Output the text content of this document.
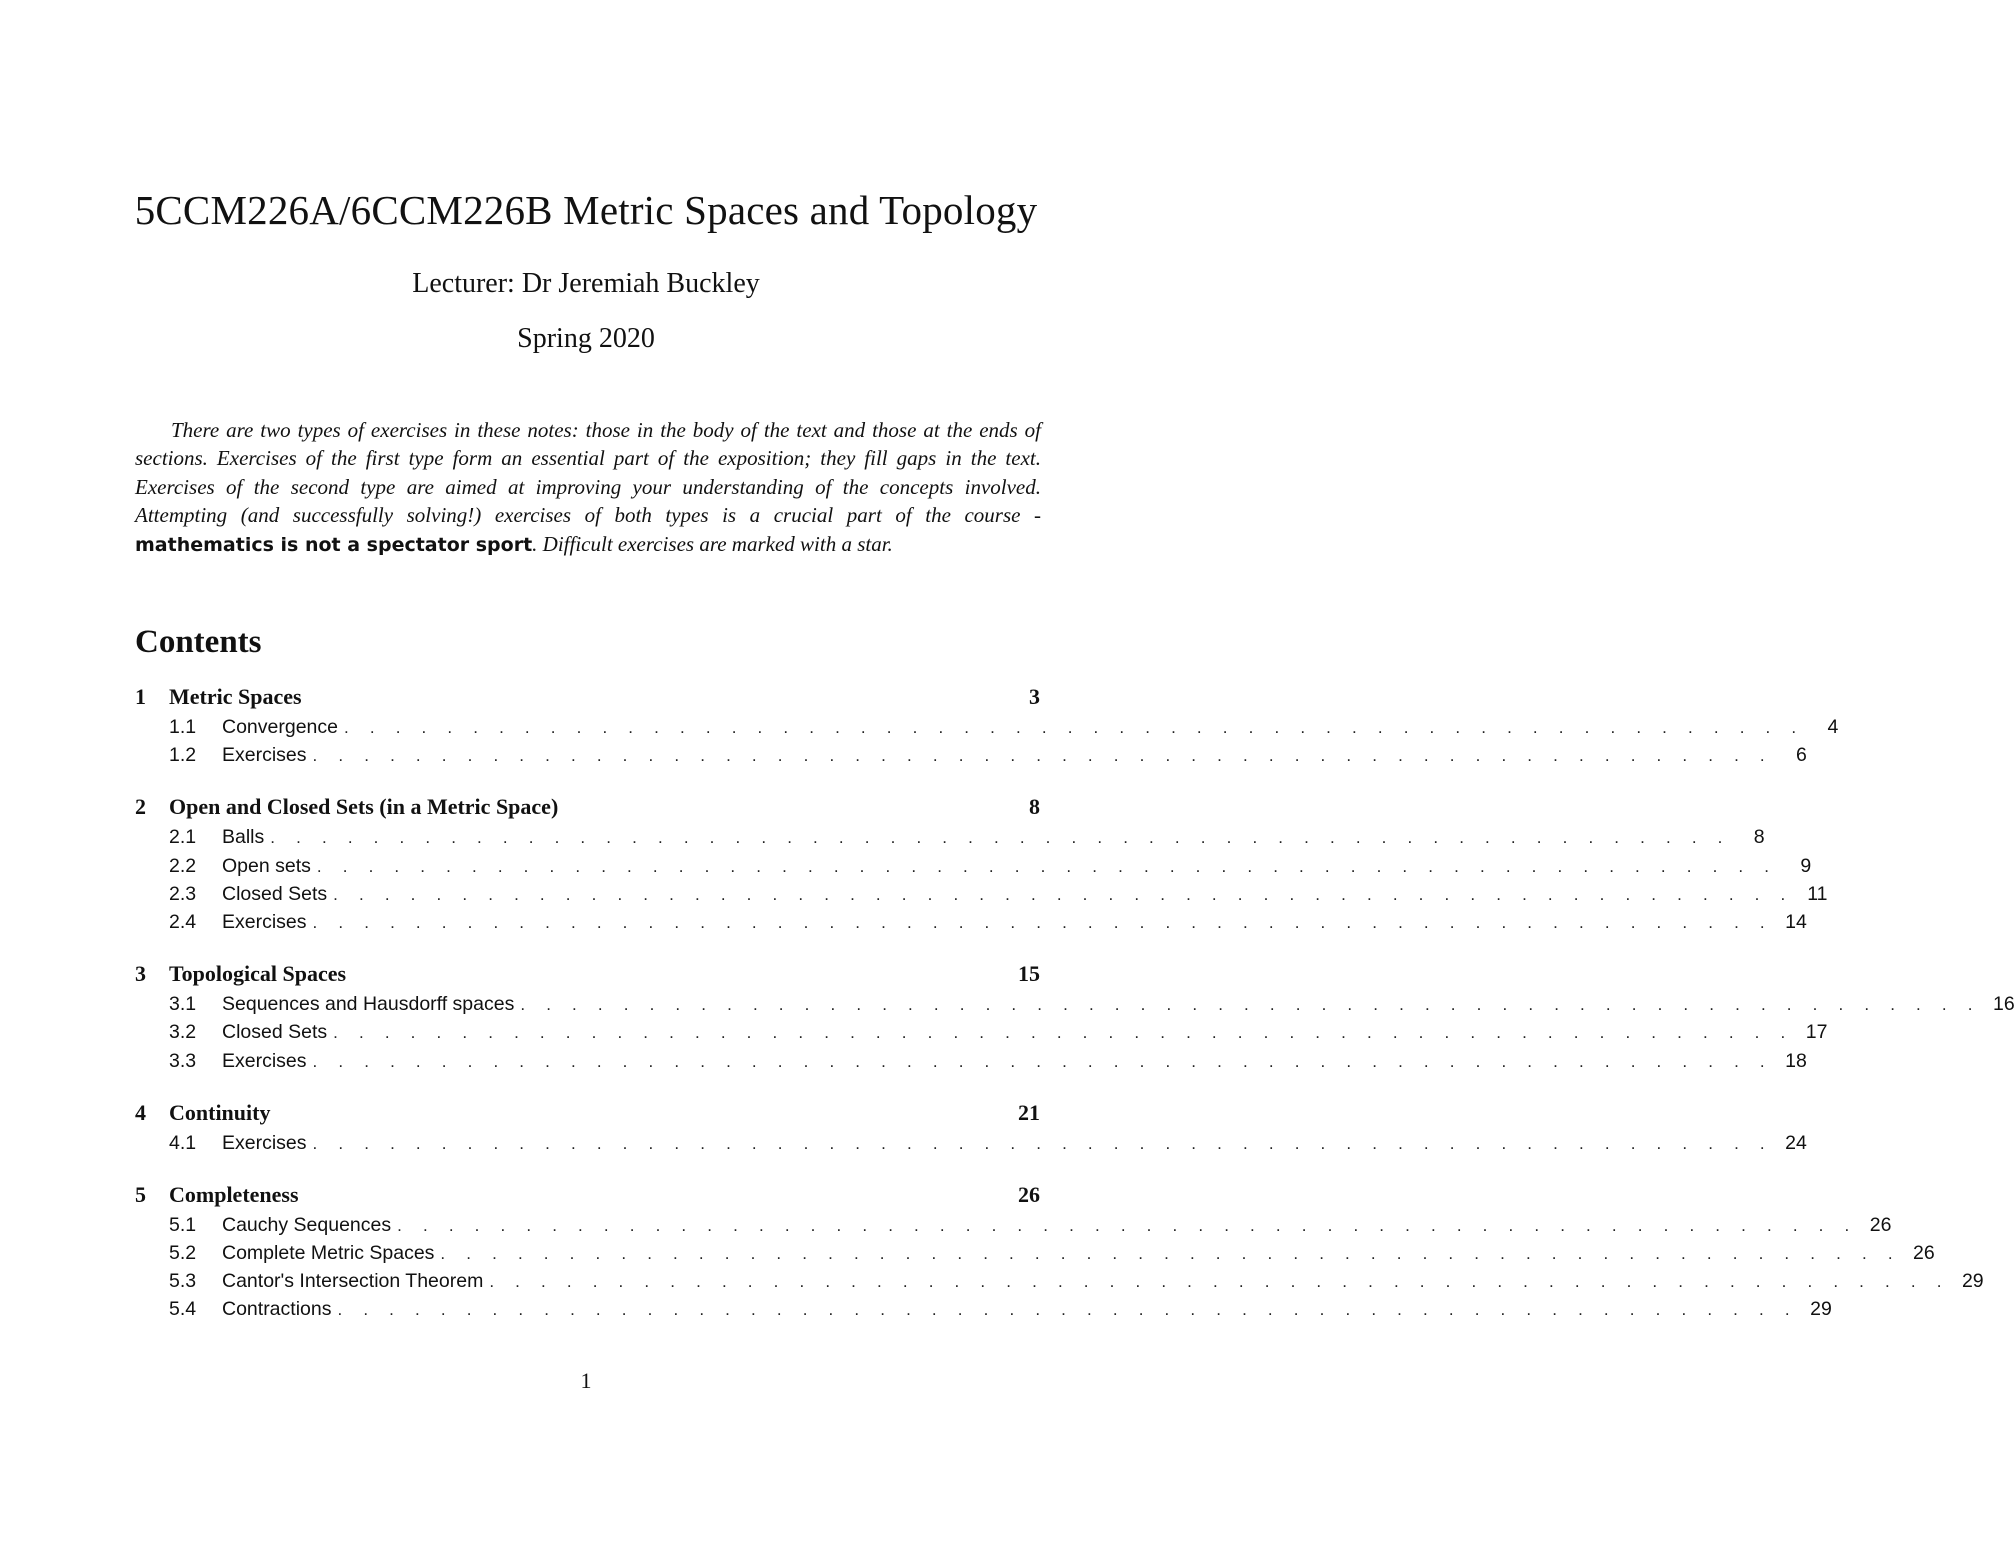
5CCM226A/6CCM226B Metric Spaces and Topology
Lecturer: Dr Jeremiah Buckley
Spring 2020
There are two types of exercises in these notes: those in the body of the text and those at the ends of sections. Exercises of the first type form an essential part of the exposition; they fill gaps in the text. Exercises of the second type are aimed at improving your understanding of the concepts involved. Attempting (and successfully solving!) exercises of both types is a crucial part of the course - mathematics is not a spectator sport. Difficult exercises are marked with a star.
Contents
1	Metric Spaces	3
1.1	Convergence . . . . . . . . . . . . . . . . . . . . . . . . . . . . . . . . . . . . . . . . . . . . . . . . . . . . . . . . .	4
1.2	Exercises . . . . . . . . . . . . . . . . . . . . . . . . . . . . . . . . . . . . . . . . . . . . . . . . . . . . . . . . .	6
2	Open and Closed Sets (in a Metric Space)	8
2.1	Balls . . . . . . . . . . . . . . . . . . . . . . . . . . . . . . . . . . . . . . . . . . . . . . . . . . . . . . . . .	8
2.2	Open sets . . . . . . . . . . . . . . . . . . . . . . . . . . . . . . . . . . . . . . . . . . . . . . . . . . . . . . . . .	9
2.3	Closed Sets . . . . . . . . . . . . . . . . . . . . . . . . . . . . . . . . . . . . . . . . . . . . . . . . . . . . . . . . . 11
2.4	Exercises . . . . . . . . . . . . . . . . . . . . . . . . . . . . . . . . . . . . . . . . . . . . . . . . . . . . . . . . . 14
3	Topological Spaces	15
3.1	Sequences and Hausdorff spaces . . . . . . . . . . . . . . . . . . . . . . . . . . . . . . . . . . . . . . . . . . . . . . . . . . . . . . . . . 16
3.2	Closed Sets . . . . . . . . . . . . . . . . . . . . . . . . . . . . . . . . . . . . . . . . . . . . . . . . . . . . . . . . . 17
3.3	Exercises . . . . . . . . . . . . . . . . . . . . . . . . . . . . . . . . . . . . . . . . . . . . . . . . . . . . . . . . . 18
4	Continuity	21
4.1	Exercises . . . . . . . . . . . . . . . . . . . . . . . . . . . . . . . . . . . . . . . . . . . . . . . . . . . . . . . . . 24
5	Completeness	26
5.1	Cauchy Sequences . . . . . . . . . . . . . . . . . . . . . . . . . . . . . . . . . . . . . . . . . . . . . . . . . . . . . . . . . 26
5.2	Complete Metric Spaces . . . . . . . . . . . . . . . . . . . . . . . . . . . . . . . . . . . . . . . . . . . . . . . . . . . . . . . . . 26
5.3	Cantor's Intersection Theorem . . . . . . . . . . . . . . . . . . . . . . . . . . . . . . . . . . . . . . . . . . . . . . . . . . . . . . . . . 29
5.4	Contractions . . . . . . . . . . . . . . . . . . . . . . . . . . . . . . . . . . . . . . . . . . . . . . . . . . . . . . . . . 29
1
